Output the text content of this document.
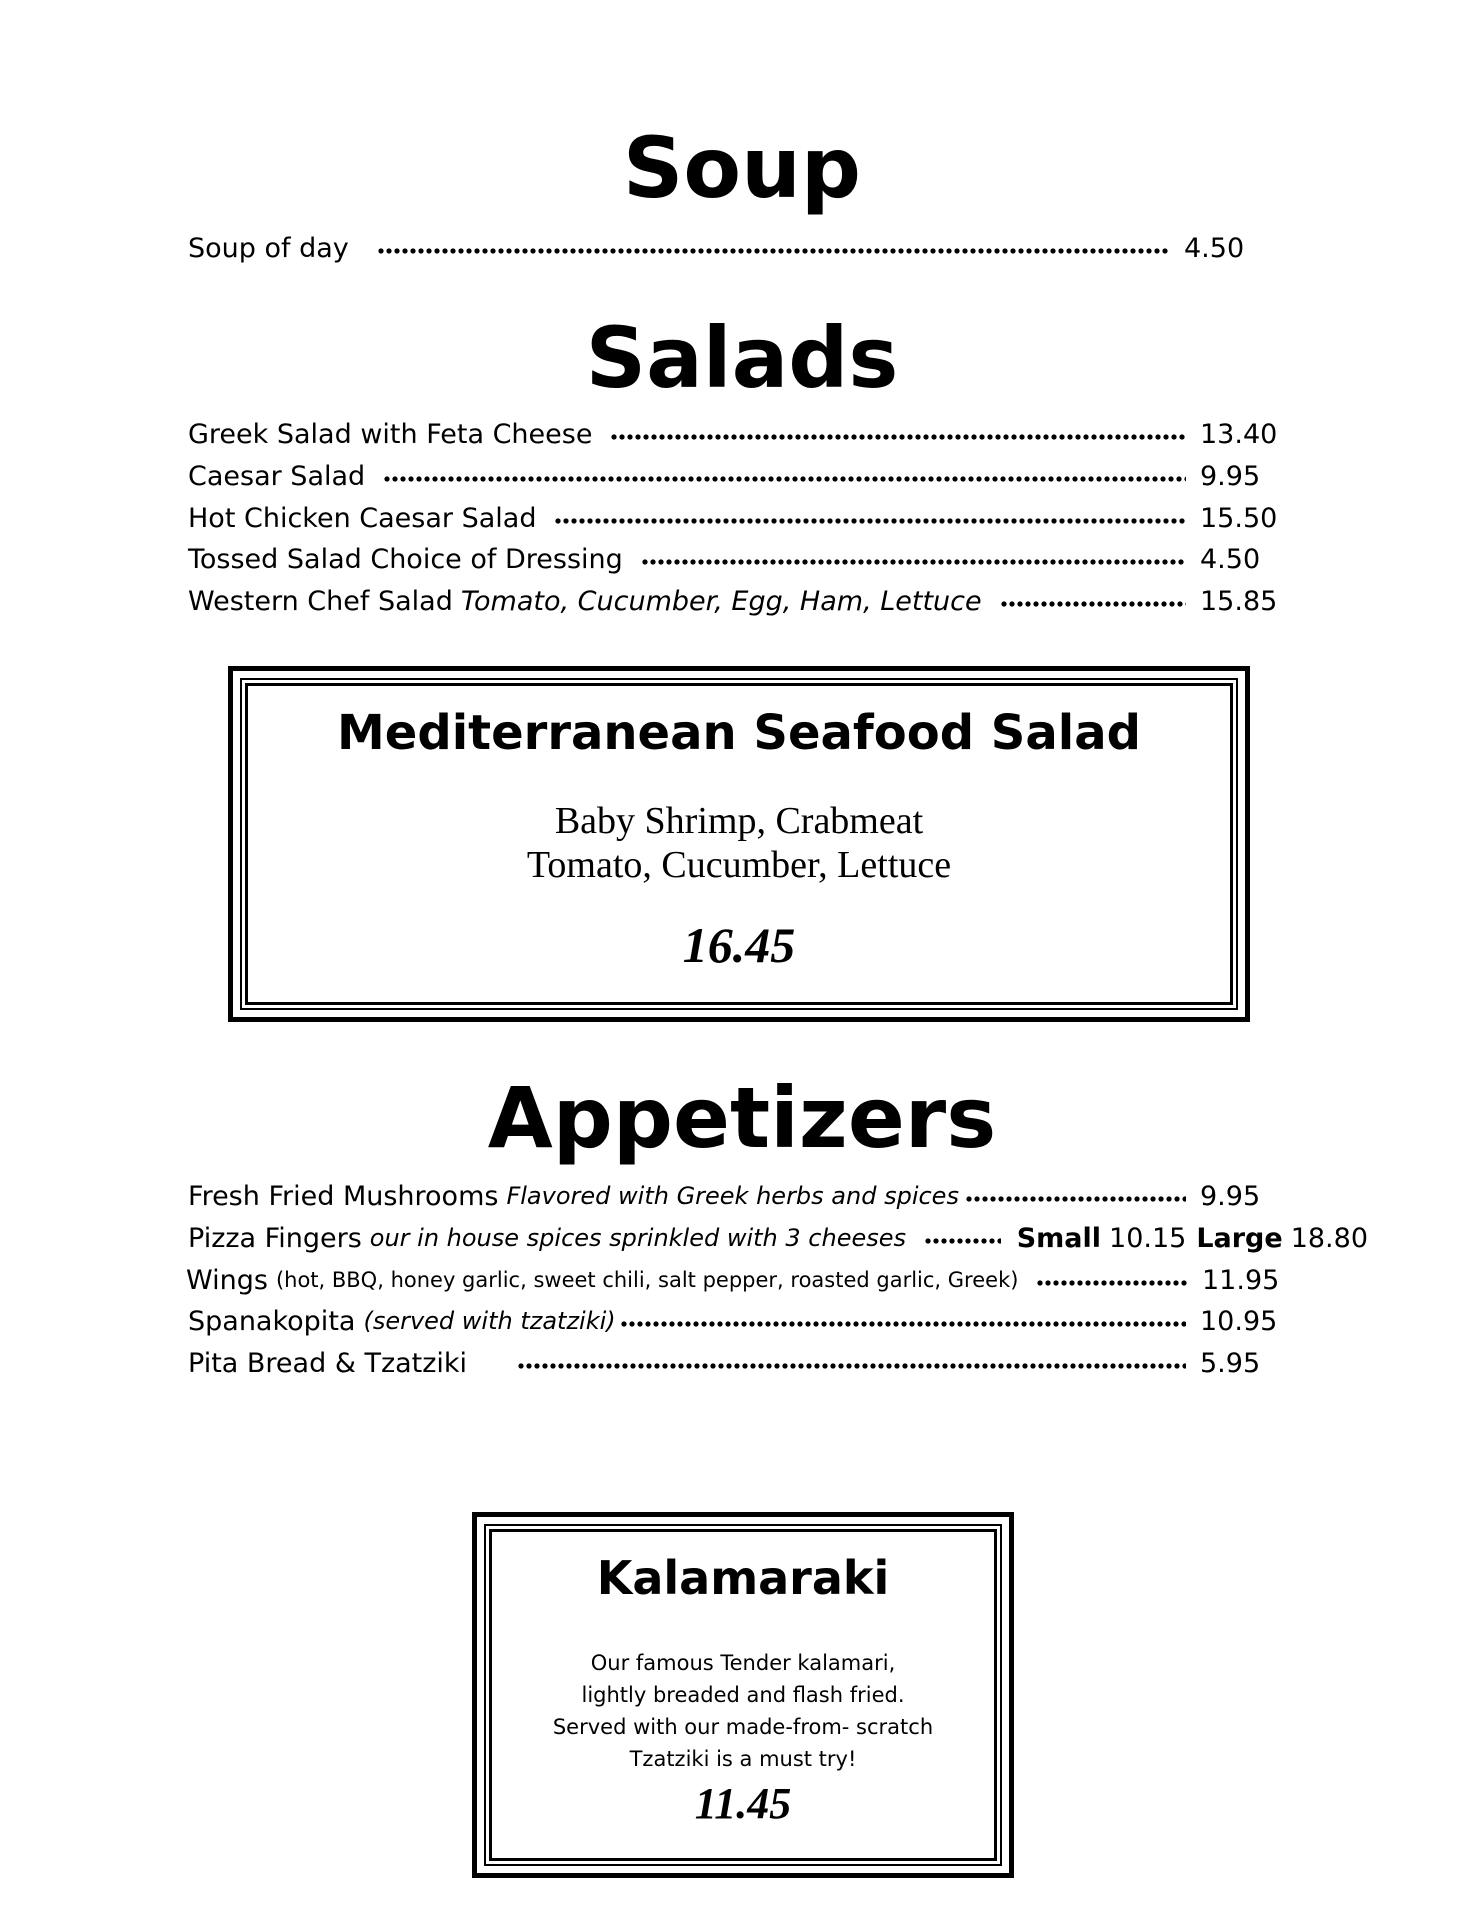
Soup
Soup of day	4.50
Salads
Greek Salad with Feta Cheese	13.40
Caesar Salad	9.95
Hot Chicken Caesar Salad	15.50
Tossed Salad Choice of Dressing	4.50
Western Chef Salad Tomato, Cucumber, Egg, Ham, Lettuce	15.85
Mediterranean Seafood Salad

Baby Shrimp, Crabmeat

Tomato, Cucumber, Lettuce

16.45

Appetizers
Fresh Fried Mushrooms Flavored with Greek herbs and spices	9.95
Pizza Fingers our in house spices sprinkled with 3 cheeses	Small 10.15 Large 18.80
Wings (hot, BBQ, honey garlic, sweet chili, salt pepper, roasted garlic, Greek)	11.95
Spanakopita (served with tzatziki)	10.95
Pita Bread & Tzatziki	5.95
Kalamaraki

Our famous Tender kalamari,

lightly breaded and flash fried.

Served with our made-from- scratch

Tzatziki is a must try!

11.45
